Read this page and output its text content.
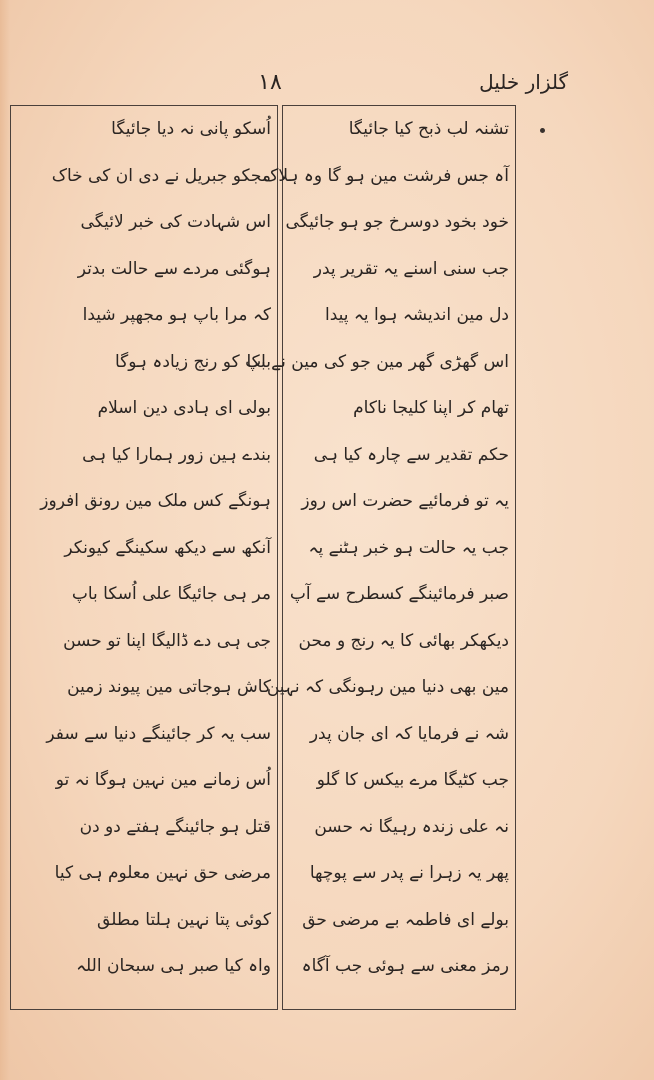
گلزار خلیل
۱۸
اُسکو پانی نہ دیا جائیگا
مجکو جبریل نے دی ان کی خاک
اس شہادت کی خبر لائیگی
ہوگئی مردے سے حالت بدتر
کہ مرا باپ ہو مجھپر شیدا
باپ کو رنج زیادہ ہوگا
بولی ای ہادی دین اسلام
بندے ہین زور ہمارا کیا ہی
ہونگے کس ملک مین رونق افروز
آنکھ سے دیکھ سکینگے کیونکر
مر ہی جائیگا علی اُسکا باپ
جی ہی دے ڈالیگا اپنا تو حسن
کاش ہوجاتی مین پیوند زمین
سب یہ کر جائینگے دنیا سے سفر
اُس زمانے مین نہین ہوگا نہ تو
قتل ہو جائینگے ہفتے دو دن
مرضی حق نہین معلوم ہی کیا
کوئی پتا نہین ہلتا مطلق
واہ کیا صبر ہی سبحان اللہ
تشنہ لب ذبح کیا جائیگا
آہ جس فرشت مین ہو گا وہ ہلاک
خود بخود دوسرخ جو ہو جائیگی
جب سنی اسنے یہ تقریر پدر
دل مین اندیشہ ہوا یہ پیدا
اس گھڑی گھر مین جو کی مین نے بکا
تھام کر اپنا کلیجا ناکام
حکم تقدیر سے چارہ کیا ہی
یہ تو فرمائیے حضرت اس روز
جب یہ حالت ہو خبر ہٹنے پہ
صبر فرمائینگے کسطرح سے آپ
دیکھکر بھائی کا یہ رنج و محن
مین بھی دنیا مین رہونگی کہ نہین
شہ نے فرمایا کہ ای جان پدر
جب کٹیگا مرے بیکس کا گلو
نہ علی زندہ رہیگا نہ حسن
پھر یہ زہرا نے پدر سے پوچھا
بولے ای فاطمہ بے مرضی حق
رمز معنی سے ہوئی جب آگاہ
